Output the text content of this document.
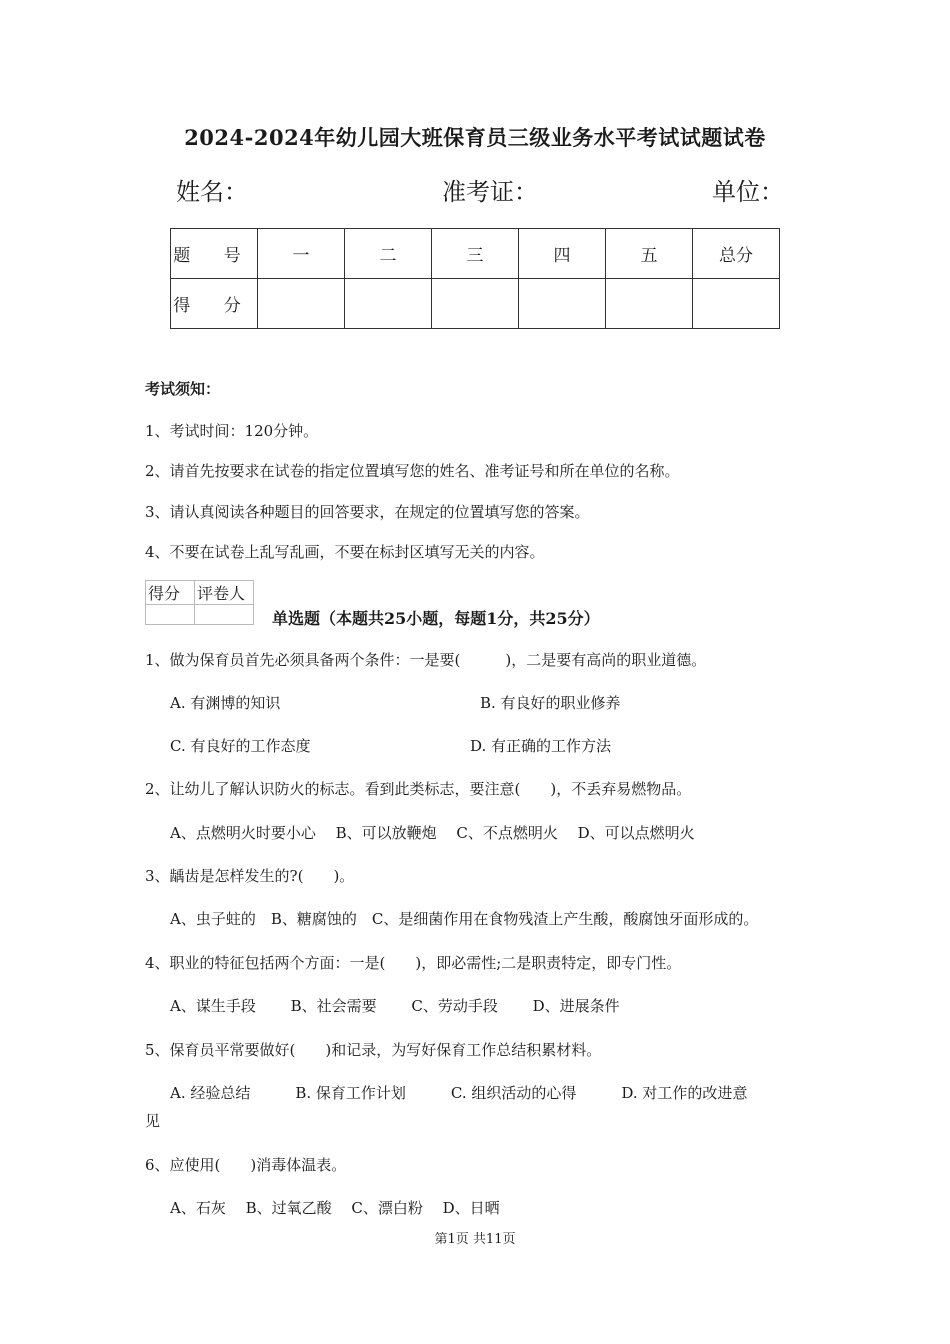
2024-2024年幼儿园大班保育员三级业务水平考试试题试卷
姓名：	准考证：	单位：
题 号	一	二	三	四	五	总分
得 分						
考试须知：
1、考试时间：120分钟。
2、请首先按要求在试卷的指定位置填写您的姓名、准考证号和所在单位的名称。
3、请认真阅读各种题目的回答要求，在规定的位置填写您的答案。
4、不要在试卷上乱写乱画，不要在标封区填写无关的内容。
得分	评卷人

单选题（本题共25小题，每题1分，共25分）
1、做为保育员首先必须具备两个条件：一是要(　　　)，二是要有高尚的职业道德。
A. 有渊博的知识	B. 有良好的职业修养
C. 有良好的工作态度	D. 有正确的工作方法
2、让幼儿了解认识防火的标志。看到此类标志，要注意(　　)，不丢弃易燃物品。
A、点燃明火时要小心　 B、可以放鞭炮　 C、不点燃明火　 D、可以点燃明火
3、龋齿是怎样发生的?(　　)。
A、虫子蛀的　B、糖腐蚀的　C、是细菌作用在食物残渣上产生酸，酸腐蚀牙面形成的。
4、职业的特征包括两个方面：一是(　　)，即必需性;二是职责特定，即专门性。
A、谋生手段　　 B、社会需要　　 C、劳动手段　　 D、进展条件
5、保育员平常要做好(　　)和记录，为写好保育工作总结积累材料。
A. 经验总结　　　B. 保育工作计划　　　C. 组织活动的心得　　　D. 对工作的改进意
见
6、应使用(　　)消毒体温表。
A、石灰　 B、过氧乙酸　 C、漂白粉　 D、日晒
第1页 共11页
